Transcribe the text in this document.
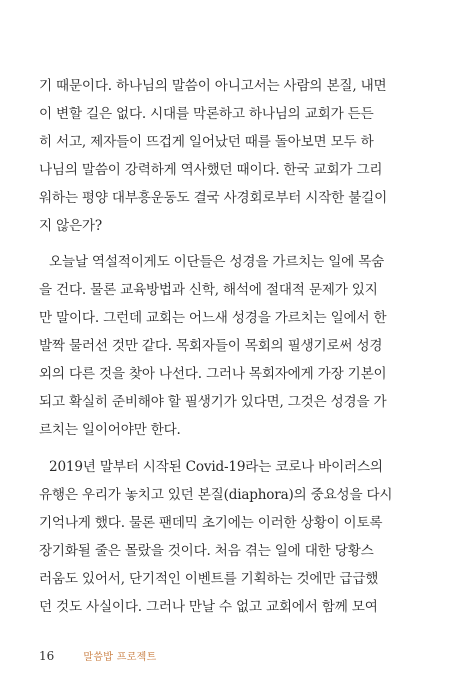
기 때문이다. 하나님의 말씀이 아니고서는 사람의 본질, 내면
이 변할 길은 없다. 시대를 막론하고 하나님의 교회가 든든
히 서고, 제자들이 뜨겁게 일어났던 때를 돌아보면 모두 하
나님의 말씀이 강력하게 역사했던 때이다. 한국 교회가 그리
워하는 평양 대부흥운동도 결국 사경회로부터 시작한 불길이
지 않은가?
오늘날 역설적이게도 이단들은 성경을 가르치는 일에 목숨
을 건다. 물론 교육방법과 신학, 해석에 절대적 문제가 있지
만 말이다. 그런데 교회는 어느새 성경을 가르치는 일에서 한
발짝 물러선 것만 같다. 목회자들이 목회의 필생기로써 성경
외의 다른 것을 찾아 나선다. 그러나 목회자에게 가장 기본이
되고 확실히 준비해야 할 필생기가 있다면, 그것은 성경을 가
르치는 일이어야만 한다.
2019년 말부터 시작된 Covid-19라는 코로나 바이러스의
유행은 우리가 놓치고 있던 본질(diaphora)의 중요성을 다시
기억나게 했다. 물론 팬데믹 초기에는 이러한 상황이 이토록
장기화될 줄은 몰랐을 것이다. 처음 겪는 일에 대한 당황스
러움도 있어서, 단기적인 이벤트를 기획하는 것에만 급급했
던 것도 사실이다. 그러나 만날 수 없고 교회에서 함께 모여
16	말씀밥 프로젝트
